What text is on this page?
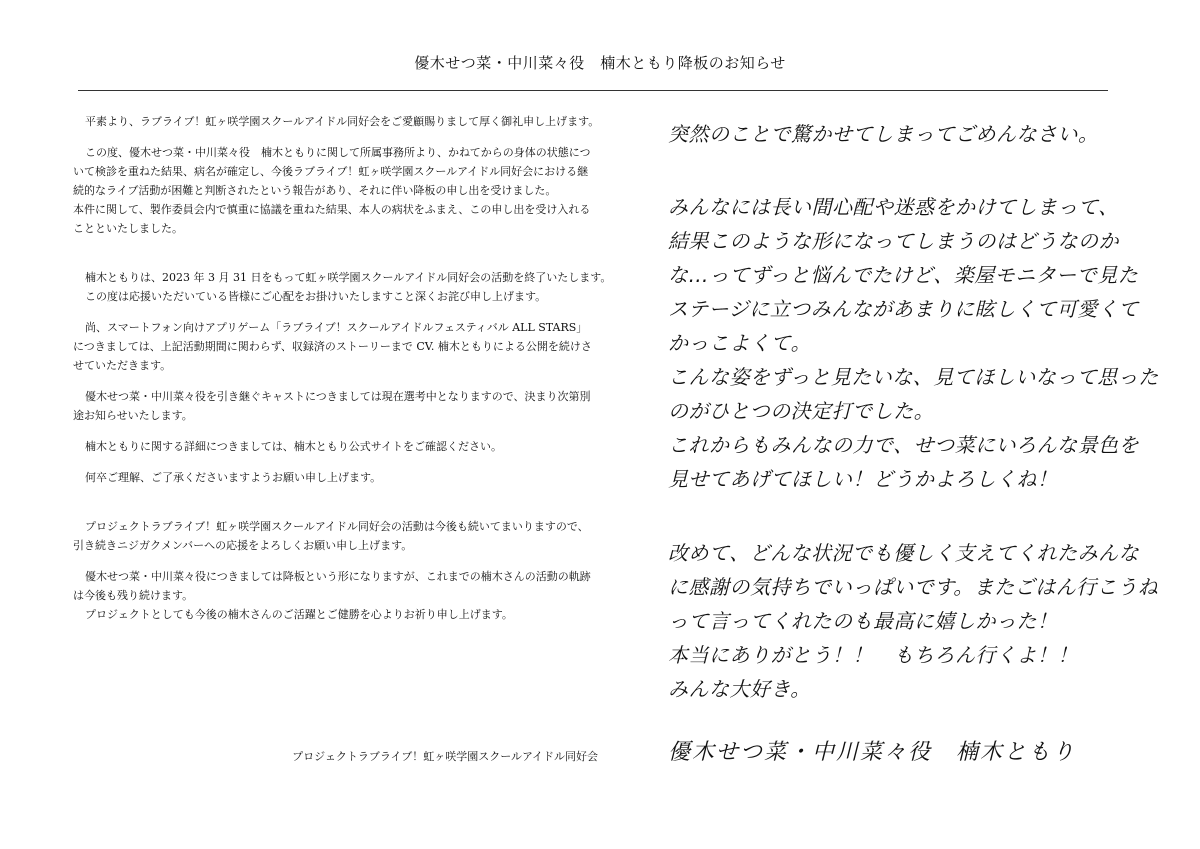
優木せつ菜・中川菜々役　楠木ともり降板のお知らせ

平素より、ラブライブ！虹ヶ咲学園スクールアイドル同好会をご愛顧賜りまして厚く御礼申し上げます。

この度、優木せつ菜・中川菜々役　楠木ともりに関して所属事務所より、かねてからの身体の状態につ

いて検診を重ねた結果、病名が確定し、今後ラブライブ！虹ヶ咲学園スクールアイドル同好会における継

続的なライブ活動が困難と判断されたという報告があり、それに伴い降板の申し出を受けました。

本件に関して、製作委員会内で慎重に協議を重ねた結果、本人の病状をふまえ、この申し出を受け入れる

ことといたしました。

楠木ともりは、2023 年 3 月 31 日をもって虹ヶ咲学園スクールアイドル同好会の活動を終了いたします。

この度は応援いただいている皆様にご心配をお掛けいたしますこと深くお詫び申し上げます。

尚、スマートフォン向けアプリゲーム「ラブライブ！スクールアイドルフェスティバル ALL STARS」

につきましては、上記活動期間に関わらず、収録済のストーリーまで CV. 楠木ともりによる公開を続けさ

せていただきます。

優木せつ菜・中川菜々役を引き継ぐキャストにつきましては現在選考中となりますので、決まり次第別

途お知らせいたします。

楠木ともりに関する詳細につきましては、楠木ともり公式サイトをご確認ください。

何卒ご理解、ご了承くださいますようお願い申し上げます。

プロジェクトラブライブ！虹ヶ咲学園スクールアイドル同好会の活動は今後も続いてまいりますので、

引き続きニジガクメンバーへの応援をよろしくお願い申し上げます。

優木せつ菜・中川菜々役につきましては降板という形になりますが、これまでの楠木さんの活動の軌跡

は今後も残り続けます。

プロジェクトとしても今後の楠木さんのご活躍とご健勝を心よりお祈り申し上げます。

プロジェクトラブライブ！虹ヶ咲学園スクールアイドル同好会
突然のことで驚かせてしまってごめんなさい。
みんなには長い間心配や迷惑をかけてしまって、
結果このような形になってしまうのはどうなのか
な…ってずっと悩んでたけど、楽屋モニターで見た
ステージに立つみんながあまりに眩しくて可愛くて
かっこよくて。
こんな姿をずっと見たいな、見てほしいなって思った
のがひとつの決定打でした。
これからもみんなの力で、せつ菜にいろんな景色を
見せてあげてほしい！どうかよろしくね！
改めて、どんな状況でも優しく支えてくれたみんな
に感謝の気持ちでいっぱいです。またごはん行こうね
って言ってくれたのも最高に嬉しかった！
本当にありがとう！！　もちろん行くよ！！
みんな大好き。
優木せつ菜・中川菜々役　楠木ともり
